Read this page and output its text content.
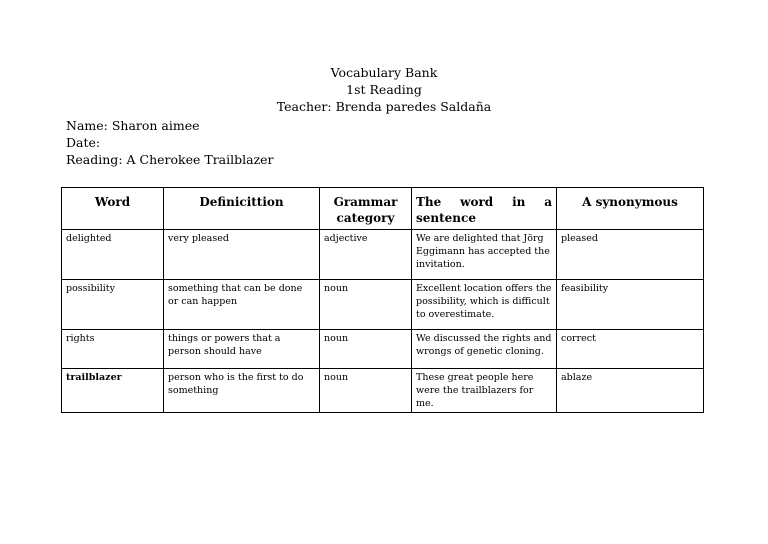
Vocabulary Bank
1st Reading
Teacher: Brenda paredes Saldaña
Name: Sharon aimee
Date:
Reading: A Cherokee Trailblazer
Word	Definicittion	Grammar category	The word in a sentence	A synonymous
delighted	very pleased	adjective	We are delighted that Jörg Eggimann has accepted the invitation.	pleased
possibility	something that can be done or can happen	noun	Excellent location offers the possibility, which is difficult to overestimate.	feasibility
rights	things or powers that a person should have	noun	We discussed the rights and wrongs of genetic cloning.	correct
trailblazer	person who is the first to do something	noun	These great people here were the trailblazers for me.	ablaze
